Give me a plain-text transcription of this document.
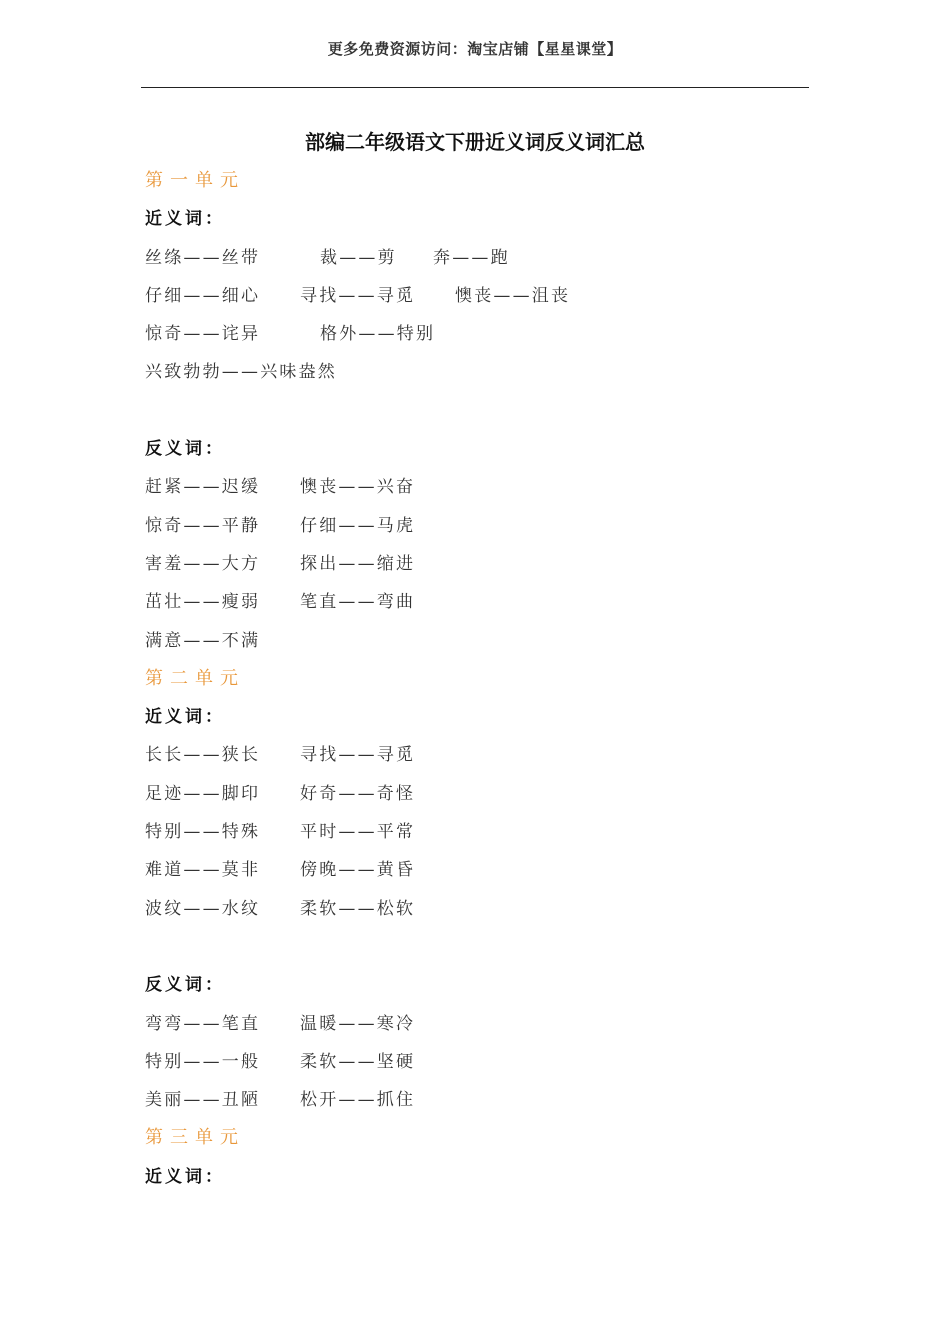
更多免费资源访问：淘宝店铺【星星课堂】
部编二年级语文下册近义词反义词汇总
第一单元
近义词：
丝绦——丝带	裁——剪 奔——跑
仔细——细心 寻找——寻觅 懊丧——沮丧
惊奇——诧异	格外——特别
兴致勃勃——兴味盎然
反义词：
赶紧——迟缓 懊丧——兴奋
惊奇——平静 仔细——马虎
害羞——大方 探出——缩进
茁壮——瘦弱 笔直——弯曲
满意——不满
第二单元
近义词：
长长——狭长 寻找——寻觅
足迹——脚印 好奇——奇怪
特别——特殊 平时——平常
难道——莫非 傍晚——黄昏
波纹——水纹 柔软——松软
反义词：
弯弯——笔直 温暖——寒冷
特别——一般 柔软——坚硬
美丽——丑陋 松开——抓住
第三单元
近义词：
